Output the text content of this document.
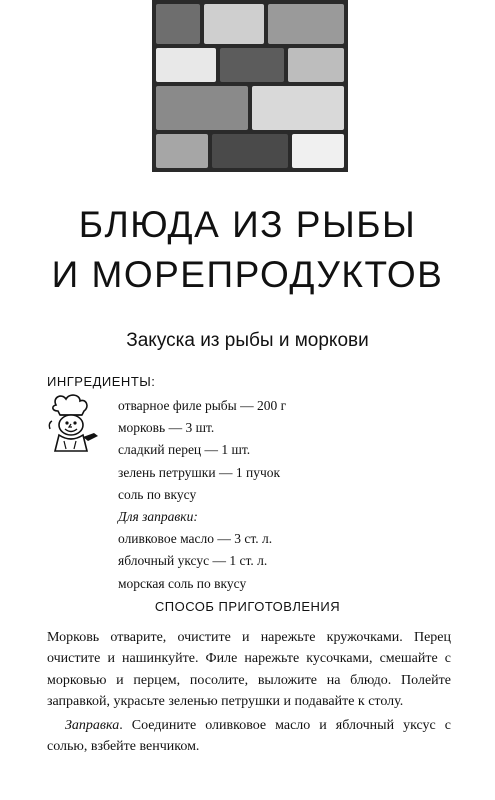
БЛЮДА ИЗ РЫБЫ
И МОРЕПРОДУКТОВ
Закуска из рыбы и моркови
ИНГРЕДИЕНТЫ:
отварное филе рыбы — 200 г
морковь — 3 шт.
сладкий перец — 1 шт.
зелень петрушки — 1 пучок
соль по вкусу
Для заправки:
оливковое масло — 3 ст. л.
яблочный уксус — 1 ст. л.
морская соль по вкусу
СПОСОБ ПРИГОТОВЛЕНИЯ

Морковь отварите, очистите и нарежьте кружочками. Перец очистите и нашинкуйте. Филе нарежьте кусочками, смешайте с морковью и перцем, посолите, выложите на блюдо. Полейте заправкой, украсьте зеленью петрушки и подавайте к столу.

Заправка. Соедините оливковое масло и яблочный уксус с солью, взбейте венчиком.
